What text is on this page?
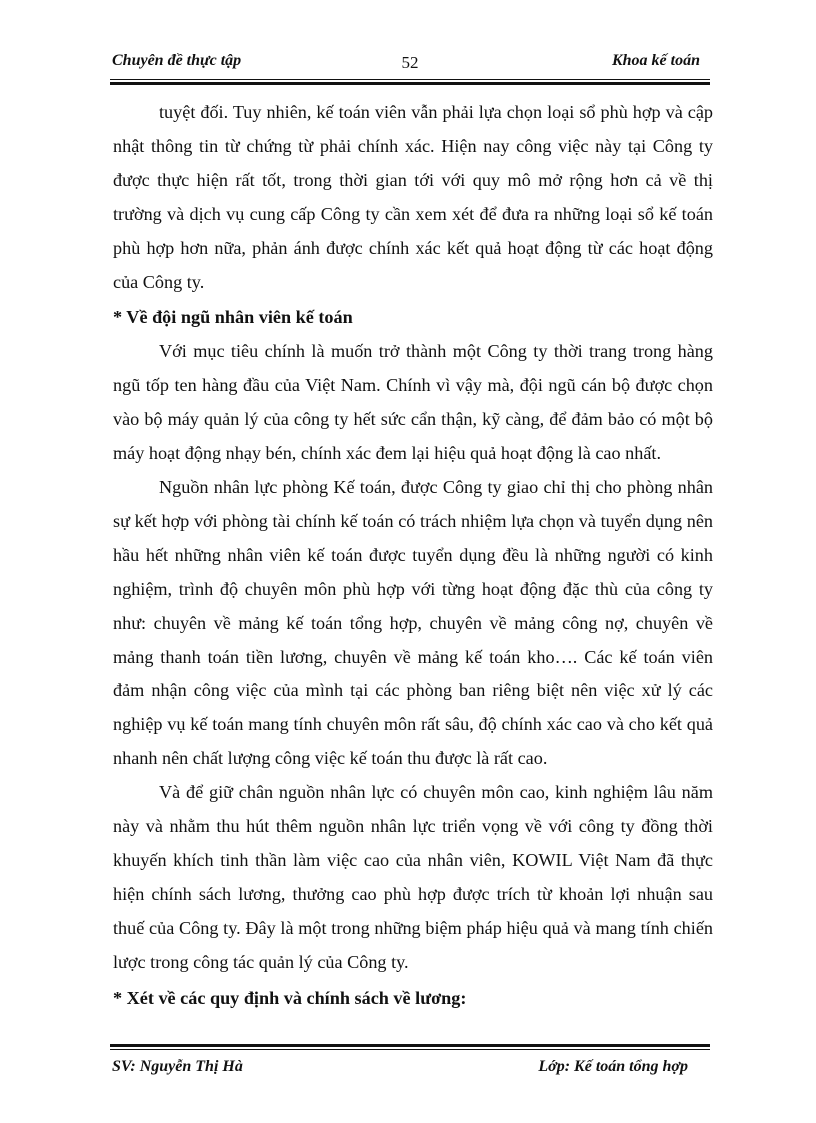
Chuyên đề thực tập	52	Khoa kế toán

tuyệt đối. Tuy nhiên, kế toán viên vẫn phải lựa chọn loại sổ phù hợp và cập nhật thông tin từ chứng từ phải chính xác. Hiện nay công việc này tại Công ty được thực hiện rất tốt, trong thời gian tới với quy mô mở rộng hơn cả về thị trường và dịch vụ cung cấp Công ty cần xem xét để đưa ra những loại sổ kế toán phù hợp hơn nữa, phản ánh được chính xác kết quả hoạt động từ các hoạt động của Công ty.

* Về đội ngũ nhân viên kế toán

Với mục tiêu chính là muốn trở thành một Công ty thời trang trong hàng ngũ tốp ten hàng đầu của Việt Nam. Chính vì vậy mà, đội ngũ cán bộ được chọn vào bộ máy quản lý của công ty hết sức cẩn thận, kỹ càng, để đảm bảo có một bộ máy hoạt động nhạy bén, chính xác đem lại hiệu quả hoạt động là cao nhất.

Nguồn nhân lực phòng Kế toán, được Công ty giao chỉ thị cho phòng nhân sự kết hợp với phòng tài chính kế toán có trách nhiệm lựa chọn và tuyển dụng nên hầu hết những nhân viên kế toán được tuyển dụng đều là những người có kinh nghiệm, trình độ chuyên môn phù hợp với từng hoạt động đặc thù của công ty như: chuyên về mảng kế toán tổng hợp, chuyên về mảng công nợ, chuyên về mảng thanh toán tiền lương, chuyên về mảng kế toán kho…. Các kế toán viên đảm nhận công việc của mình tại các phòng ban riêng biệt nên việc xử lý các nghiệp vụ kế toán mang tính chuyên môn rất sâu, độ chính xác cao và cho kết quả nhanh nên chất lượng công việc kế toán thu được là rất cao.

Và để giữ chân nguồn nhân lực có chuyên môn cao, kinh nghiệm lâu năm này và nhằm thu hút thêm nguồn nhân lực triển vọng về với công ty đồng thời khuyến khích tinh thần làm việc cao của nhân viên, KOWIL Việt Nam đã thực hiện chính sách lương, thưởng cao phù hợp được trích từ khoản lợi nhuận sau thuế của Công ty. Đây là một trong những biệm pháp hiệu quả và mang tính chiến lược trong công tác quản lý của Công ty.

* Xét về các quy định và chính sách về lương:

SV: Nguyễn Thị Hà	Lớp: Kế toán tổng hợp
